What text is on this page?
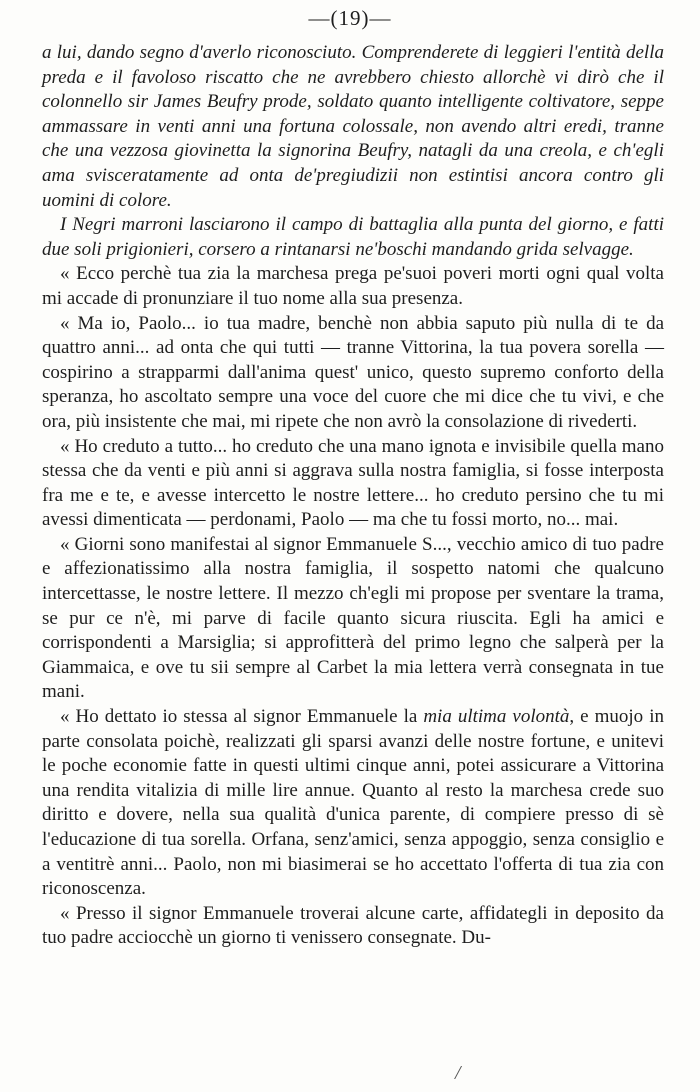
—(19)—

a lui, dando segno d'averlo riconosciuto. Comprenderete di leggieri l'entità della preda e il favoloso riscatto che ne avrebbero chiesto allorchè vi dirò che il colonnello sir James Beufry prode, soldato quanto intelligente coltivatore, seppe ammassare in venti anni una fortuna colossale, non avendo altri eredi, tranne che una vezzosa giovinetta la signorina Beufry, natagli da una creola, e ch'egli ama svisceratamente ad onta de'pregiudizii non estintisi ancora contro gli uomini di colore.

I Negri marroni lasciarono il campo di battaglia alla punta del giorno, e fatti due soli prigionieri, corsero a rintanarsi ne'boschi mandando grida selvagge.

« Ecco perchè tua zia la marchesa prega pe'suoi poveri morti ogni qual volta mi accade di pronunziare il tuo nome alla sua presenza.

« Ma io, Paolo... io tua madre, benchè non abbia saputo più nulla di te da quattro anni... ad onta che qui tutti — tranne Vittorina, la tua povera sorella — cospirino a strapparmi dall'anima quest' unico, questo supremo conforto della speranza, ho ascoltato sempre una voce del cuore che mi dice che tu vivi, e che ora, più insistente che mai, mi ripete che non avrò la consolazione di rivederti.

« Ho creduto a tutto... ho creduto che una mano ignota e invisibile quella mano stessa che da venti e più anni si aggrava sulla nostra famiglia, si fosse interposta fra me e te, e avesse intercetto le nostre lettere... ho creduto persino che tu mi avessi dimenticata — perdonami, Paolo — ma che tu fossi morto, no... mai.

« Giorni sono manifestai al signor Emmanuele S..., vecchio amico di tuo padre e affezionatissimo alla nostra famiglia, il sospetto natomi che qualcuno intercettasse, le nostre lettere. Il mezzo ch'egli mi propose per sventare la trama, se pur ce n'è, mi parve di facile quanto sicura riuscita. Egli ha amici e corrispondenti a Marsiglia; si approfitterà del primo legno che salperà per la Giammaica, e ove tu sii sempre al Carbet la mia lettera verrà consegnata in tue mani.

« Ho dettato io stessa al signor Emmanuele la mia ultima volontà, e muojo in parte consolata poichè, realizzati gli sparsi avanzi delle nostre fortune, e unitevi le poche economie fatte in questi ultimi cinque anni, potei assicurare a Vittorina una rendita vitalizia di mille lire annue. Quanto al resto la marchesa crede suo diritto e dovere, nella sua qualità d'unica parente, di compiere presso di sè l'educazione di tua sorella. Orfana, senz'amici, senza appoggio, senza consiglio e a ventitrè anni... Paolo, non mi biasimerai se ho accettato l'offerta di tua zia con riconoscenza.

« Presso il signor Emmanuele troverai alcune carte, affidategli in deposito da tuo padre acciocchè un giorno ti venissero consegnate. Du-

/
